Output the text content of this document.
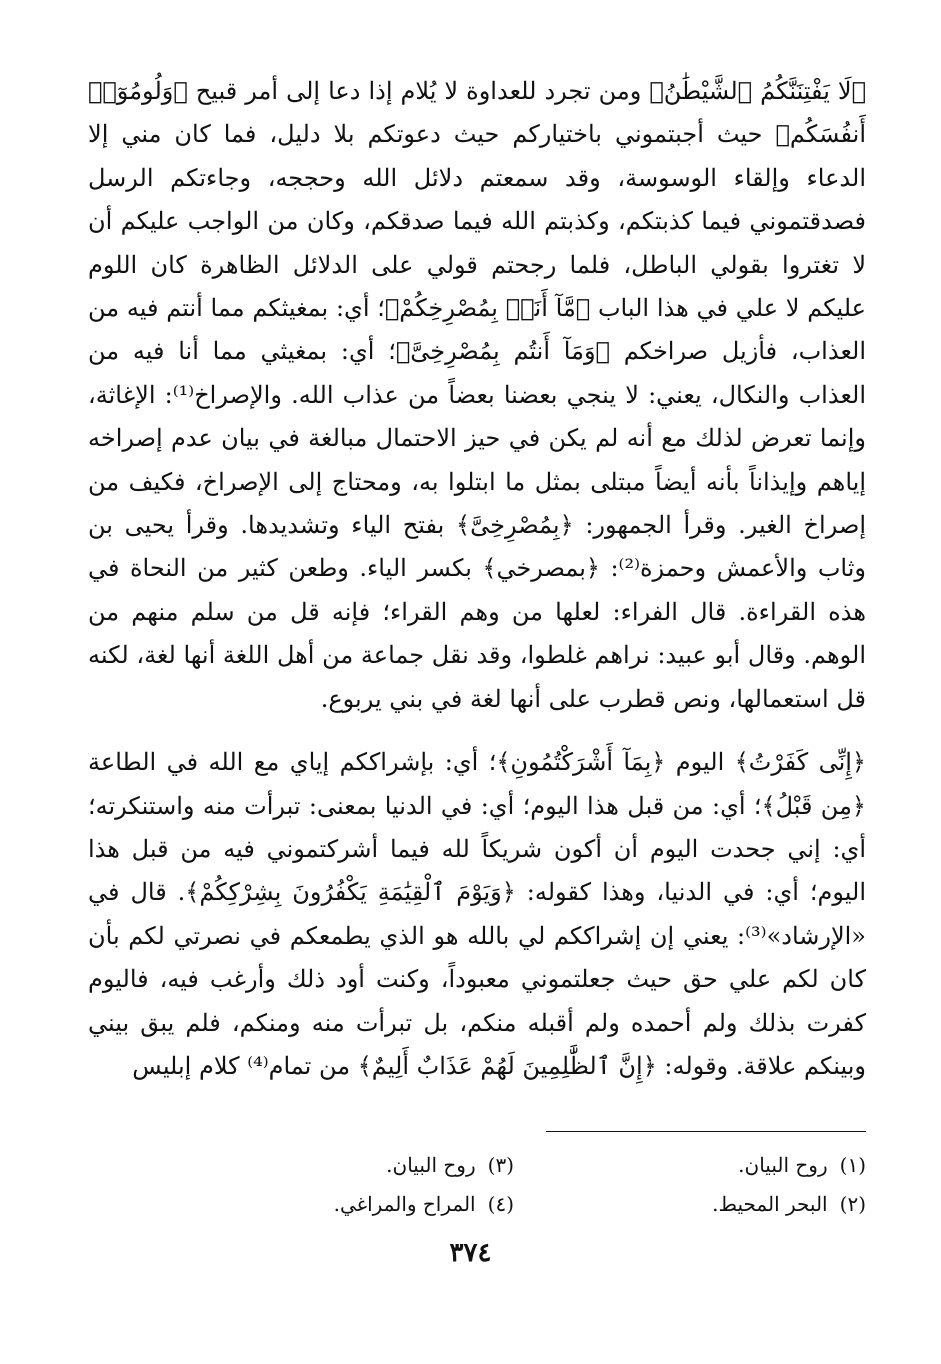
﴿لَا يَفْتِنَنَّكُمُ ٱلشَّيْطَٰنُ﴾ ومن تجرد للعداوة لا يُلام إذا دعا إلى أمر قبيح ﴿وَلُومُوٓا۟ أَنفُسَكُم﴾ حيث أجبتموني باختياركم حيث دعوتكم بلا دليل، فما كان مني إلا الدعاء وإلقاء الوسوسة، وقد سمعتم دلائل الله وحججه، وجاءتكم الرسل فصدقتموني فيما كذبتكم، وكذبتم الله فيما صدقكم، وكان من الواجب عليكم أن لا تغتروا بقولي الباطل، فلما رجحتم قولي على الدلائل الظاهرة كان اللوم عليكم لا علي في هذا الباب ﴿مَّآ أَنَا۠ بِمُصْرِخِكُمْ﴾؛ أي: بمغيثكم مما أنتم فيه من العذاب، فأزيل صراخكم ﴿وَمَآ أَنتُم بِمُصْرِخِىَّ﴾؛ أي: بمغيثي مما أنا فيه من العذاب والنكال، يعني: لا ينجي بعضنا بعضاً من عذاب الله. والإصراخ⁽¹⁾: الإغاثة، وإنما تعرض لذلك مع أنه لم يكن في حيز الاحتمال مبالغة في بيان عدم إصراخه إياهم وإيذاناً بأنه أيضاً مبتلى بمثل ما ابتلوا به، ومحتاج إلى الإصراخ، فكيف من إصراخ الغير. وقرأ الجمهور: ﴿بِمُصْرِخِىَّ﴾ بفتح الياء وتشديدها. وقرأ يحيى بن وثاب والأعمش وحمزة⁽²⁾: ﴿بمصرخي﴾ بكسر الياء. وطعن كثير من النحاة في هذه القراءة. قال الفراء: لعلها من وهم القراء؛ فإنه قل من سلم منهم من الوهم. وقال أبو عبيد: نراهم غلطوا، وقد نقل جماعة من أهل اللغة أنها لغة، لكنه قل استعمالها، ونص قطرب على أنها لغة في بني يربوع.

﴿إِنِّى كَفَرْتُ﴾ اليوم ﴿بِمَآ أَشْرَكْتُمُونِ﴾؛ أي: بإشراككم إياي مع الله في الطاعة ﴿مِن قَبْلُ﴾؛ أي: من قبل هذا اليوم؛ أي: في الدنيا بمعنى: تبرأت منه واستنكرته؛ أي: إني جحدت اليوم أن أكون شريكاً لله فيما أشركتموني فيه من قبل هذا اليوم؛ أي: في الدنيا، وهذا كقوله: ﴿وَيَوْمَ ٱلْقِيَٰمَةِ يَكْفُرُونَ بِشِرْكِكُمْ﴾. قال في «الإرشاد»⁽³⁾: يعني إن إشراككم لي بالله هو الذي يطمعكم في نصرتي لكم بأن كان لكم علي حق حيث جعلتموني معبوداً، وكنت أود ذلك وأرغب فيه، فاليوم كفرت بذلك ولم أحمده ولم أقبله منكم، بل تبرأت منه ومنكم، فلم يبق بيني وبينكم علاقة. وقوله: ﴿إِنَّ ٱلظَّٰلِمِينَ لَهُمْ عَذَابٌ أَلِيمٌ﴾ من تمام⁽⁴⁾ كلام إبليس

(١)روح البيان.
(٢)البحر المحيط.
(٣)روح البيان.
(٤)المراح والمراغي.
٣٧٤
